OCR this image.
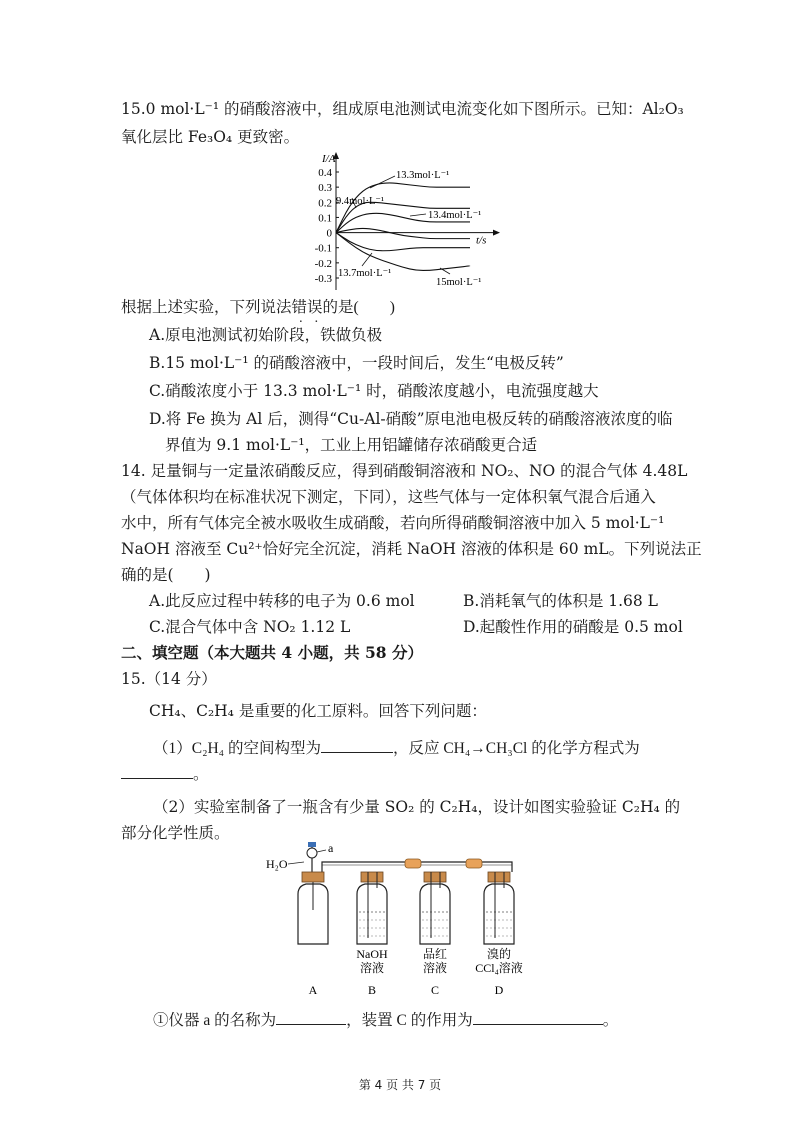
15.0 mol·L⁻¹ 的硝酸溶液中，组成原电池测试电流变化如下图所示。已知：Al₂O₃
氧化层比 Fe₃O₄ 更致密。
I/A
t/s
0.4
0.3
0.2
0.1
0
-0.1
-0.2
-0.3
13.3mol·L⁻¹
9.4mol·L⁻¹
13.4mol·L⁻¹
13.7mol·L⁻¹
15mol·L⁻¹
根据上述实验，下列说法错误的是(　　)
A.原电池测试初始阶段，铁做负极
B.15 mol·L⁻¹ 的硝酸溶液中，一段时间后，发生“电极反转”
C.硝酸浓度小于 13.3 mol·L⁻¹ 时，硝酸浓度越小，电流强度越大
D.将 Fe 换为 Al 后，测得“Cu-Al-硝酸”原电池电极反转的硝酸溶液浓度的临
界值为 9.1 mol·L⁻¹，工业上用铝罐储存浓硝酸更合适
14. 足量铜与一定量浓硝酸反应，得到硝酸铜溶液和 NO₂、NO 的混合气体 4.48L
（气体体积均在标准状况下测定，下同），这些气体与一定体积氧气混合后通入
水中，所有气体完全被水吸收生成硝酸，若向所得硝酸铜溶液中加入 5 mol·L⁻¹
NaOH 溶液至 Cu²⁺恰好完全沉淀，消耗 NaOH 溶液的体积是 60 mL。下列说法正
确的是(　　)
A.此反应过程中转移的电子为 0.6 mol	B.消耗氧气的体积是 1.68 L
C.混合气体中含 NO₂ 1.12 L	D.起酸性作用的硝酸是 0.5 mol
二、填空题（本大题共 4 小题，共 58 分）
15.（14 分）
CH₄、C₂H₄ 是重要的化工原料。回答下列问题：
（1）C₂H₄ 的空间构型为	，反应 CH₄→CH₃Cl 的化学方程式为
。
（2）实验室制备了一瓶含有少量 SO₂ 的 C₂H₄，设计如图实验验证 C₂H₄ 的
部分化学性质。
a
H₂O
NaOH
溶液
品红
溶液
溴的
CCl₄溶液
A	B	C	D
①仪器 a 的名称为	，装置 C 的作用为	。
第 4 页 共 7 页
